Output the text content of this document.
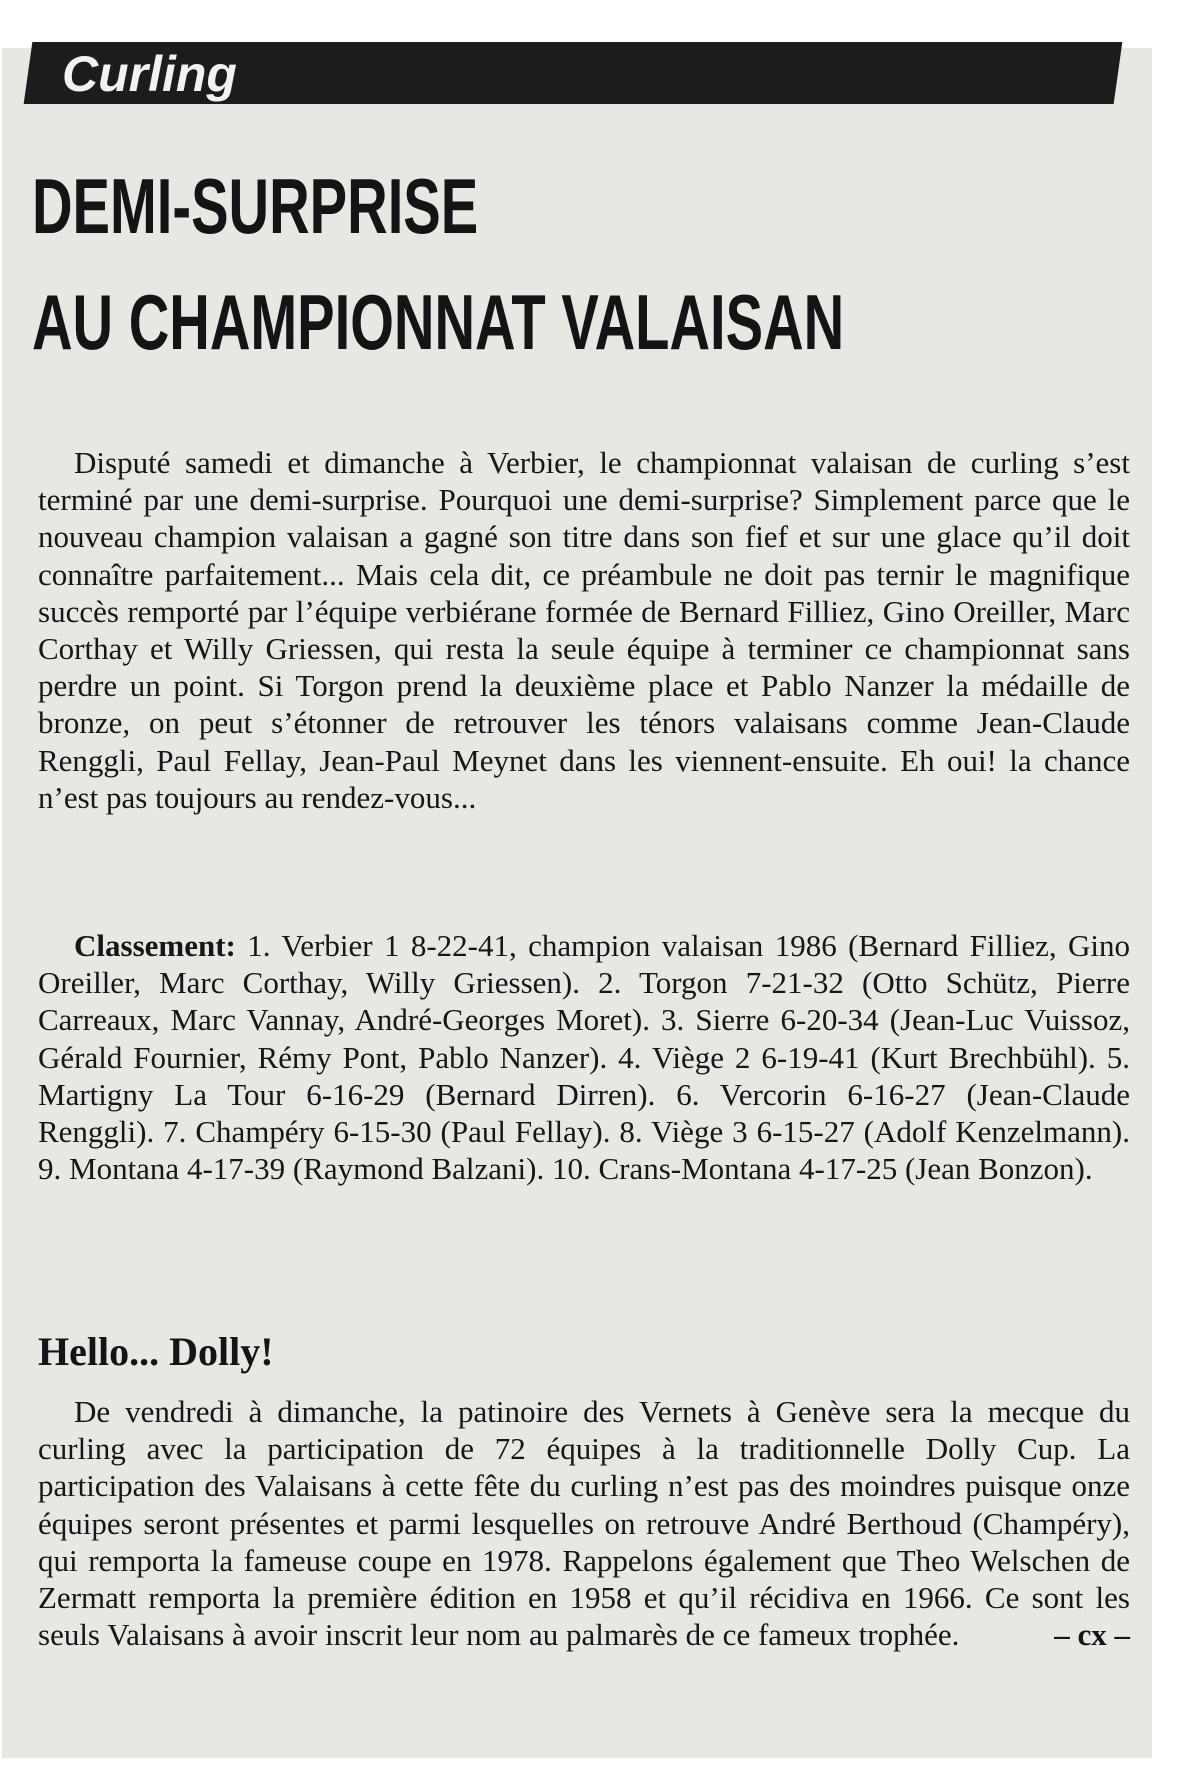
Curling
DEMI-SURPRISE
AU CHAMPIONNAT VALAISAN

Disputé samedi et dimanche à Verbier, le championnat valaisan de curling s’est terminé par une demi-surprise. Pourquoi une demi-surprise? Simplement parce que le nouveau champion valaisan a gagné son titre dans son fief et sur une glace qu’il doit connaître parfaitement... Mais cela dit, ce préambule ne doit pas ternir le magnifique succès remporté par l’équipe verbiérane formée de Bernard Filliez, Gino Oreiller, Marc Corthay et Willy Griessen, qui resta la seule équipe à terminer ce championnat sans perdre un point. Si Torgon prend la deuxième place et Pablo Nanzer la médaille de bronze, on peut s’étonner de retrouver les ténors valaisans comme Jean-Claude Renggli, Paul Fellay, Jean-Paul Meynet dans les viennent-ensuite. Eh oui! la chance n’est pas toujours au rendez-vous...

Classement: 1. Verbier 1 8-22-41, champion valaisan 1986 (Bernard Filliez, Gino Oreiller, Marc Corthay, Willy Griessen). 2. Torgon 7-21-32 (Otto Schütz, Pierre Carreaux, Marc Vannay, André-Georges Moret). 3. Sierre 6-20-34 (Jean-Luc Vuissoz, Gérald Fournier, Rémy Pont, Pablo Nanzer). 4. Viège 2 6-19-41 (Kurt Brechbühl). 5. Martigny La Tour 6-16-29 (Bernard Dirren). 6. Vercorin 6-16-27 (Jean-Claude Renggli). 7. Champéry 6-15-30 (Paul Fellay). 8. Viège 3 6-15-27 (Adolf Kenzelmann). 9. Montana 4-17-39 (Raymond Balzani). 10. Crans-Montana 4-17-25 (Jean Bonzon).

Hello... Dolly!

De vendredi à dimanche, la patinoire des Vernets à Genève sera la mecque du curling avec la participation de 72 équipes à la traditionnelle Dolly Cup. La participation des Valaisans à cette fête du curling n’est pas des moindres puisque onze équipes seront présentes et parmi lesquelles on retrouve André Berthoud (Champéry), qui remporta la fameuse coupe en 1978. Rappelons également que Theo Welschen de Zermatt remporta la première édition en 1958 et qu’il récidiva en 1966. Ce sont les seuls Valaisans à avoir inscrit leur nom au palmarès de ce fameux trophée.	– cx –
